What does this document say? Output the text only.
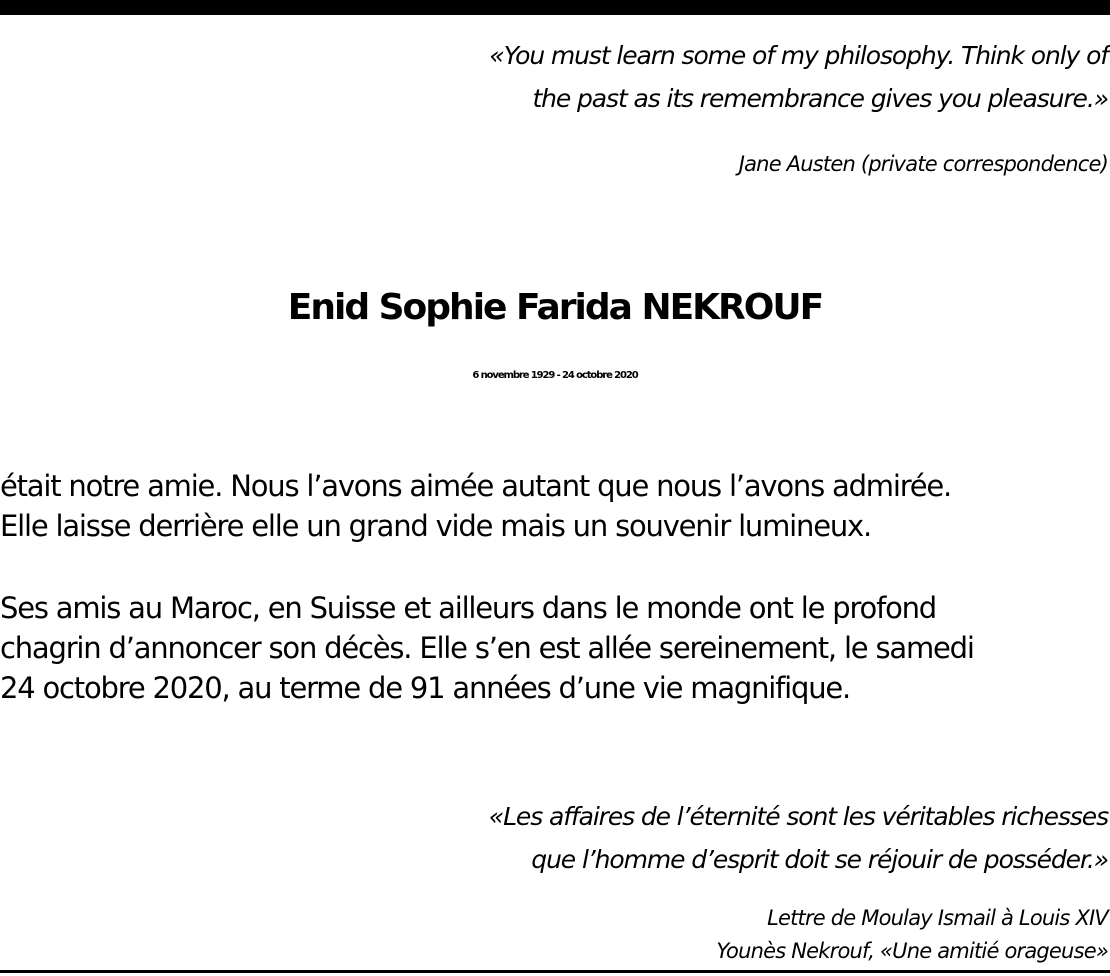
«You must learn some of my philosophy. Think only of
the past as its remembrance gives you pleasure.»
Jane Austen (private correspondence)
Enid Sophie Farida NEKROUF
6 novembre 1929 - 24 octobre 2020
était notre amie. Nous l’avons aimée autant que nous l’avons admirée.
Elle laisse derrière elle un grand vide mais un souvenir lumineux.
Ses amis au Maroc, en Suisse et ailleurs dans le monde ont le profond
chagrin d’annoncer son décès. Elle s’en est allée sereinement, le samedi
24 octobre 2020, au terme de 91 années d’une vie magnifique.
«Les affaires de l’éternité sont les véritables richesses
que l’homme d’esprit doit se réjouir de posséder.»
Lettre de Moulay Ismail à Louis XIV
Younès Nekrouf, «Une amitié orageuse»
